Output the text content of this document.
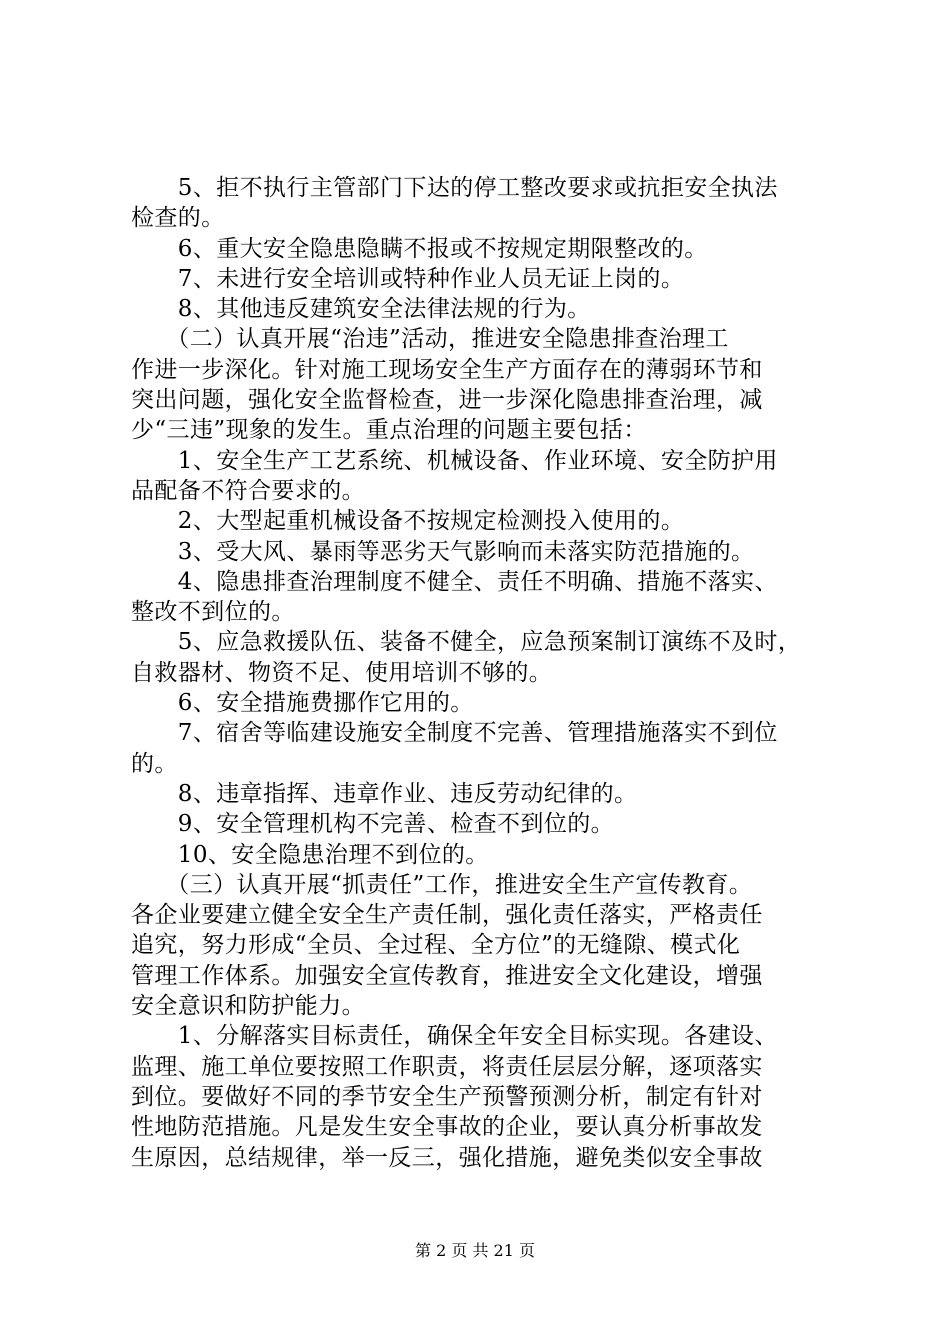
　　5、拒不执行主管部门下达的停工整改要求或抗拒安全执法
检查的。
　　6、重大安全隐患隐瞒不报或不按规定期限整改的。
　　7、未进行安全培训或特种作业人员无证上岗的。
　　8、其他违反建筑安全法律法规的行为。
　　（二）认真开展“治违”活动，推进安全隐患排查治理工
作进一步深化。针对施工现场安全生产方面存在的薄弱环节和
突出问题，强化安全监督检查，进一步深化隐患排查治理，减
少“三违”现象的发生。重点治理的问题主要包括：
　　1、安全生产工艺系统、机械设备、作业环境、安全防护用
品配备不符合要求的。
　　2、大型起重机械设备不按规定检测投入使用的。
　　3、受大风、暴雨等恶劣天气影响而未落实防范措施的。
　　4、隐患排查治理制度不健全、责任不明确、措施不落实、
整改不到位的。
　　5、应急救援队伍、装备不健全，应急预案制订演练不及时，
自救器材、物资不足、使用培训不够的。
　　6、安全措施费挪作它用的。
　　7、宿舍等临建设施安全制度不完善、管理措施落实不到位
的。
　　8、违章指挥、违章作业、违反劳动纪律的。
　　9、安全管理机构不完善、检查不到位的。
　　10、安全隐患治理不到位的。
　　（三）认真开展“抓责任”工作，推进安全生产宣传教育。
各企业要建立健全安全生产责任制，强化责任落实，严格责任
追究，努力形成“全员、全过程、全方位”的无缝隙、模式化
管理工作体系。加强安全宣传教育，推进安全文化建设，增强
安全意识和防护能力。
　　1、分解落实目标责任，确保全年安全目标实现。各建设、
监理、施工单位要按照工作职责，将责任层层分解，逐项落实
到位。要做好不同的季节安全生产预警预测分析，制定有针对
性地防范措施。凡是发生安全事故的企业，要认真分析事故发
生原因，总结规律，举一反三，强化措施，避免类似安全事故
第 2 页 共 21 页
